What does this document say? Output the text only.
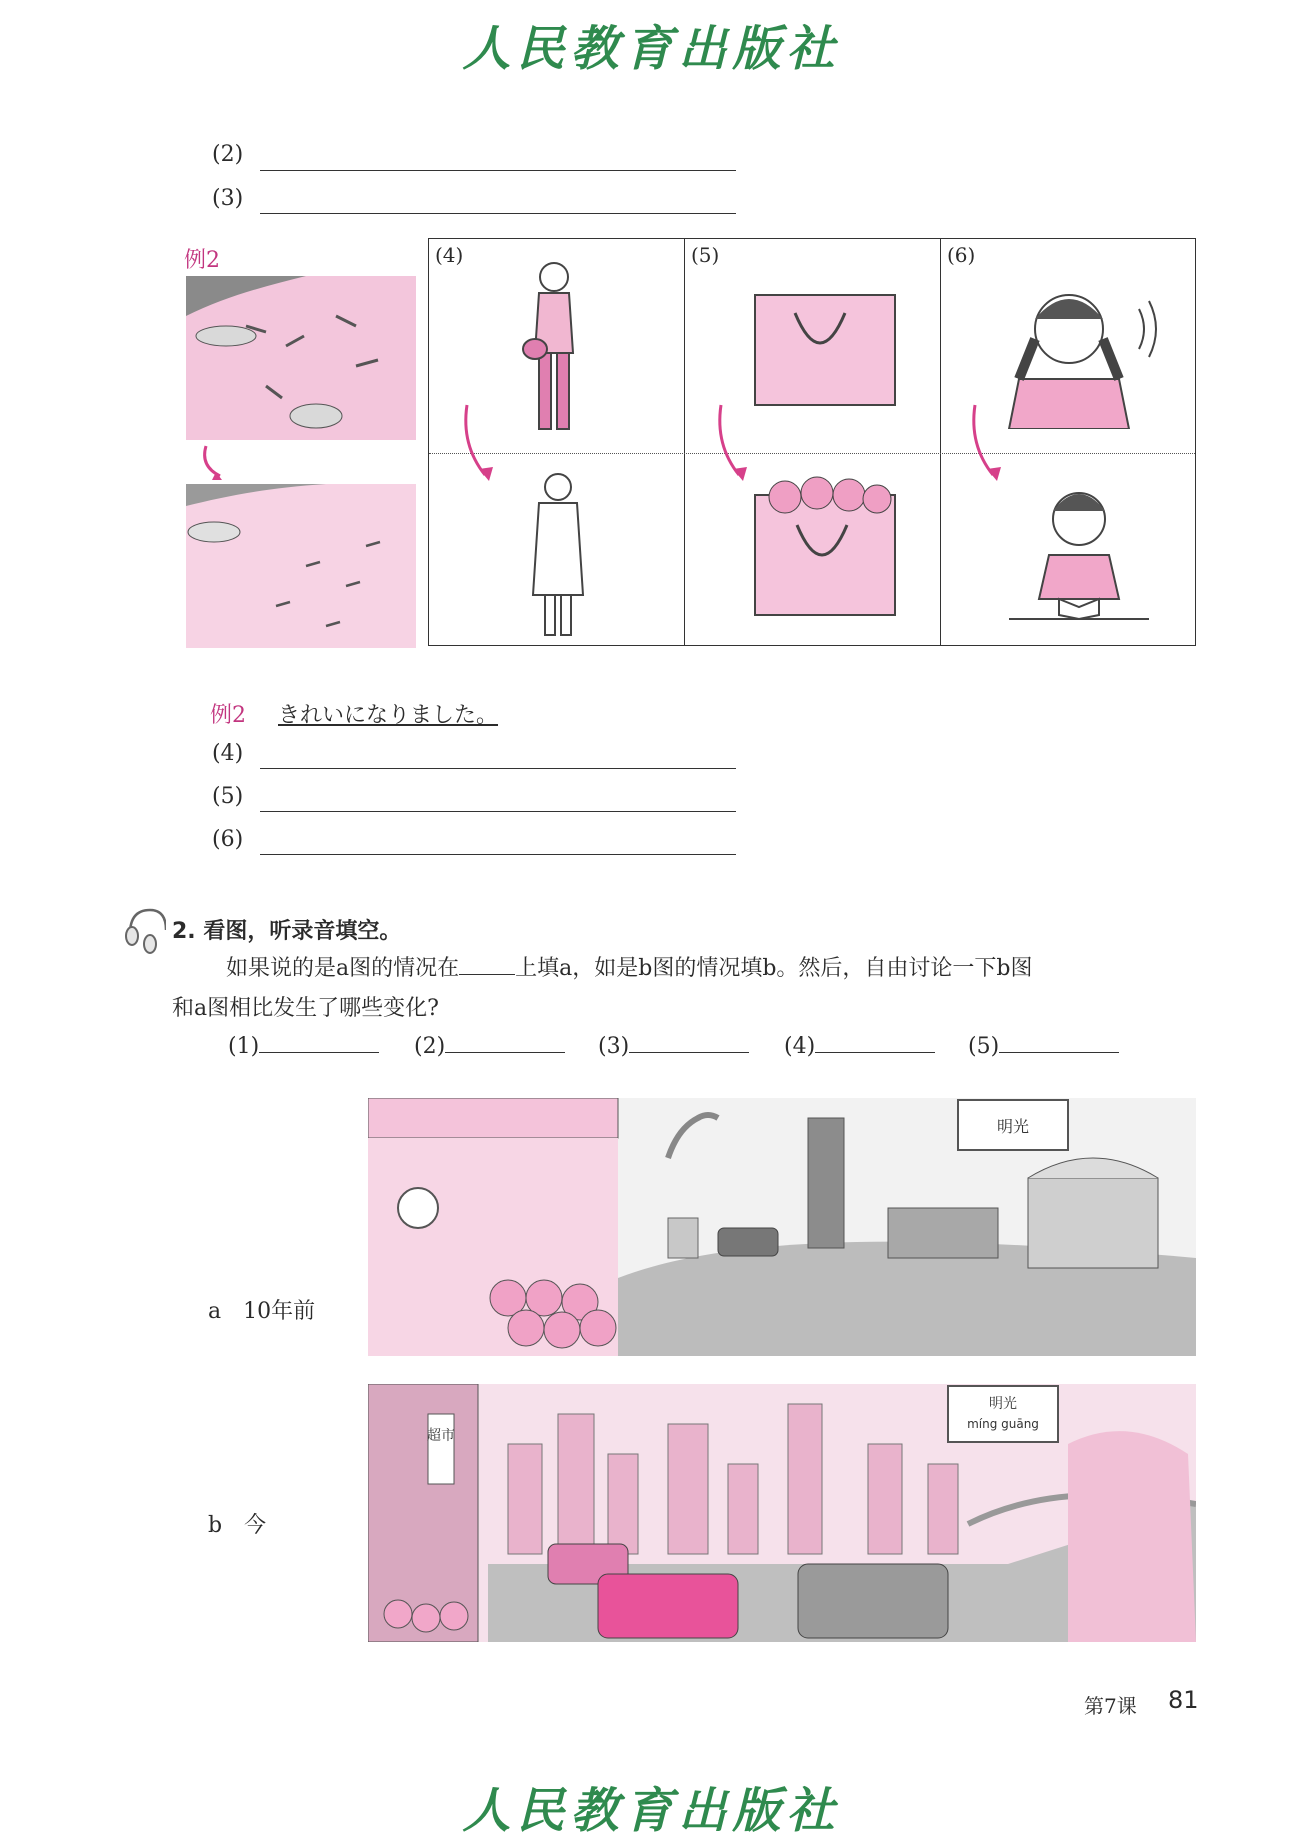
人民教育出版社
(2)
(3)
例2	(4)	(5)	(6)
例2 きれいになりました。
(4)
(5)
(6)
2. 看图，听录音填空。
如果说的是a图的情况在	上填a，如是b图的情况填b。然后，自由讨论一下b图
和a图相比发生了哪些变化?
(1)	(2)	(3)	(4)	(5)
a　10年前
明光
b　今
超市
明光
míng guāng
第7课 81
人民教育出版社
